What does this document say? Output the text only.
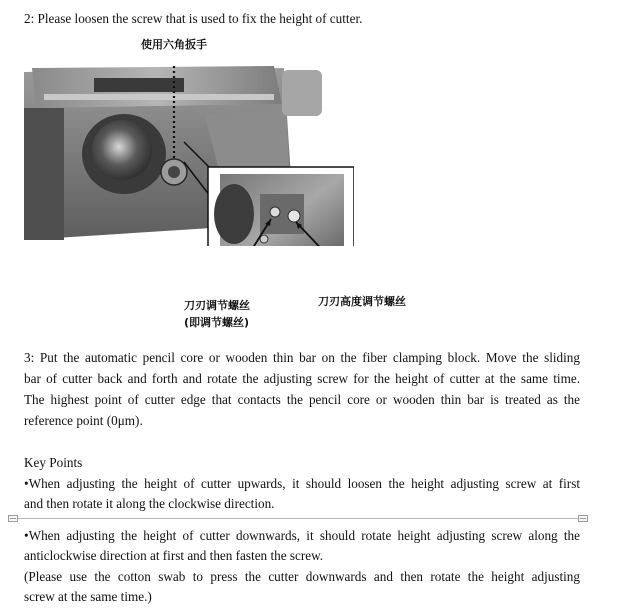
2: Please loosen the screw that is used to fix the height of cutter.

使用六角扳手
刀刃调节螺丝
(即调节螺丝)
刀刃高度调节螺丝

3: Put the automatic pencil core or wooden thin bar on the fiber clamping block. Move the sliding

bar of cutter back and forth and rotate the adjusting screw for the height of cutter at the same time.

The highest point of cutter edge that contacts the pencil core or wooden thin bar is treated as the

reference point (0μm).

Key Points

•When adjusting the height of cutter upwards, it should loosen the height adjusting screw at first

and then rotate it along the clockwise direction.

•When adjusting the height of cutter downwards, it should rotate height adjusting screw along the

anticlockwise direction at first and then fasten the screw.

(Please use the cotton swab to press the cutter downwards and then rotate the height adjusting

screw at the same time.)
